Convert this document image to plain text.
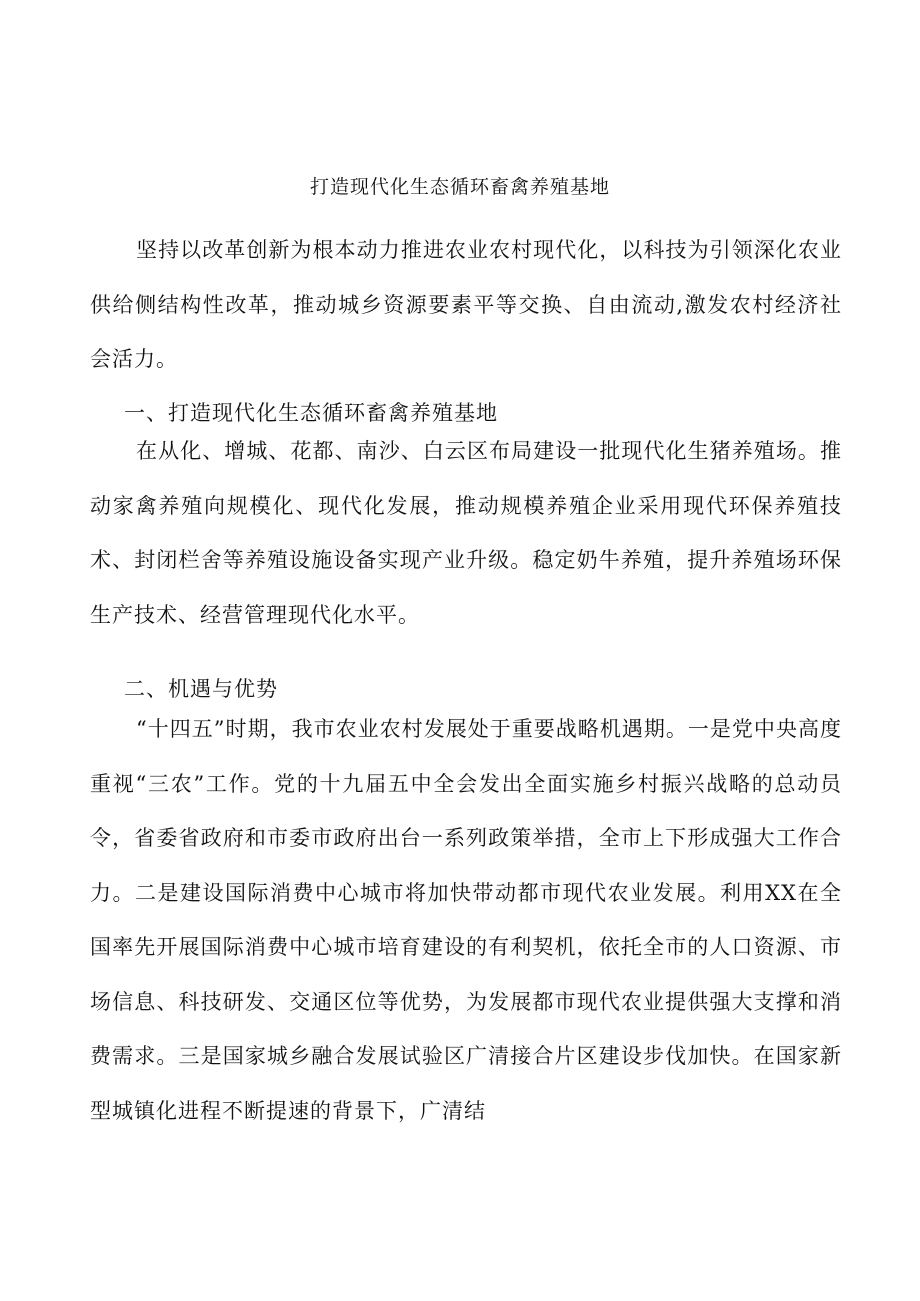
打造现代化生态循环畜禽养殖基地

坚持以改革创新为根本动力推进农业农村现代化，以科技为引领深化农业供给侧结构性改革，推动城乡资源要素平等交换、自由流动,激发农村经济社会活力。

一、打造现代化生态循环畜禽养殖基地

在从化、增城、花都、南沙、白云区布局建设一批现代化生猪养殖场。推动家禽养殖向规模化、现代化发展，推动规模养殖企业采用现代环保养殖技术、封闭栏舍等养殖设施设备实现产业升级。稳定奶牛养殖，提升养殖场环保生产技术、经营管理现代化水平。

二、机遇与优势

“十四五”时期，我市农业农村发展处于重要战略机遇期。一是党中央高度重视“三农”工作。党的十九届五中全会发出全面实施乡村振兴战略的总动员令，省委省政府和市委市政府出台一系列政策举措，全市上下形成强大工作合力。二是建设国际消费中心城市将加快带动都市现代农业发展。利用XX在全国率先开展国际消费中心城市培育建设的有利契机，依托全市的人口资源、市场信息、科技研发、交通区位等优势，为发展都市现代农业提供强大支撑和消费需求。三是国家城乡融合发展试验区广清接合片区建设步伐加快。在国家新型城镇化进程不断提速的背景下，广清结
